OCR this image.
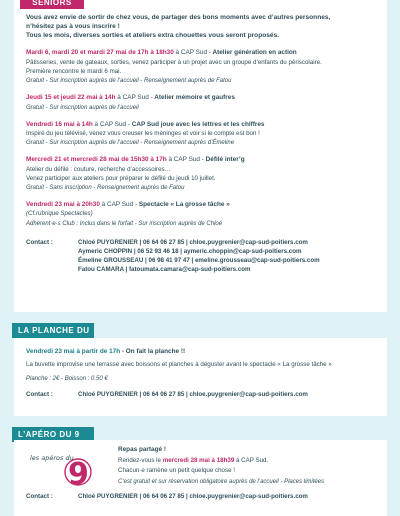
SENIORS
Vous avez envie de sortir de chez vous, de partager des bons moments avec d’autres personnes,
n’hésitez pas à vous inscrire !
Tous les mois, diverses sorties et ateliers extra chouettes vous seront proposés.
Mardi 6, mardi 20 et mardi 27 mai de 17h à 18h30 à CAP Sud - Atelier génération en action
Pâtisseries, vente de gateaux, sorties, venez participer à un projet avec un groupe d’enfants du périscolaire.
Première rencontre le mardi 6 mai.
Gratuit - Sur inscription auprès de l’accueil - Renseignement auprès de Fatou
Jeudi 15 et jeudi 22 mai à 14h à CAP Sud - Atelier mémoire et gaufres
Gratuit - Sur inscription auprès de l’accueil
Vendredi 16 mai à 14h à CAP Sud - CAP Sud joue avec les lettres et les chiffres
Inspiré du jeu télévisé, venez vous creuser les méninges et voir si le compte est bon !
Gratuit - Sur inscription auprès de l’accueil - Renseignement auprès d’Émeline
Mercredi 21 et mercredi 28 mai de 15h30 à 17h à CAP Sud - Défilé inter’g
Atelier du défilé : couture, recherche d’accessoires…
Venez participer aux ateliers pour préparer le défilé du jeudi 10 juillet.
Gratuit - Sans inscription - Renseignement auprès de Fatou
Vendredi 23 mai à 20h30 à CAP Sud - Spectacle « La grosse tâche »
(Cf.rubrique Spectacles)
Adhérent·e·s Club : Inclus dans le forfait - Sur inscription auprès de Chloé
Contact :	Chloé PUYGRENIER | 06 64 06 27 85 | chloe.puygrenier@cap-sud-poitiers.com
Aymeric CHOPPIN | 06 52 93 46 18 | aymeric.choppin@cap-sud-poitiers.com
Émeline GROUSSEAU | 06 98 41 97 47 | emeline.grousseau@cap-sud-poitiers.com
Fatou CAMARA | fatoumata.camara@cap-sud-poitiers.com
LA PLANCHE DU
Vendredi 23 mai à partir de 17h - On fait la planche !!
La buvette improvise une terrasse avec boissons et planches à déguster avant le spectacle « La grosse tâche »
Planche : 2€ - Boisson : 0.50 €
Contact :	Chloé PUYGRENIER | 06 64 06 27 85 | chloe.puygrenier@cap-sud-poitiers.com
L’APÉRO DU 9
les apéros du
9
Repas partagé !
Rendez-vous le mercredi 28 mai à 18h39 à CAP Sud.
Chacun·e ramène un petit quelque chose !
C’est gratuit et sur réservation obligatoire auprès de l’accueil - Places limitées
Contact :	Chloé PUYGRENIER | 06 64 06 27 85 | chloe.puygrenier@cap-sud-poitiers.com
